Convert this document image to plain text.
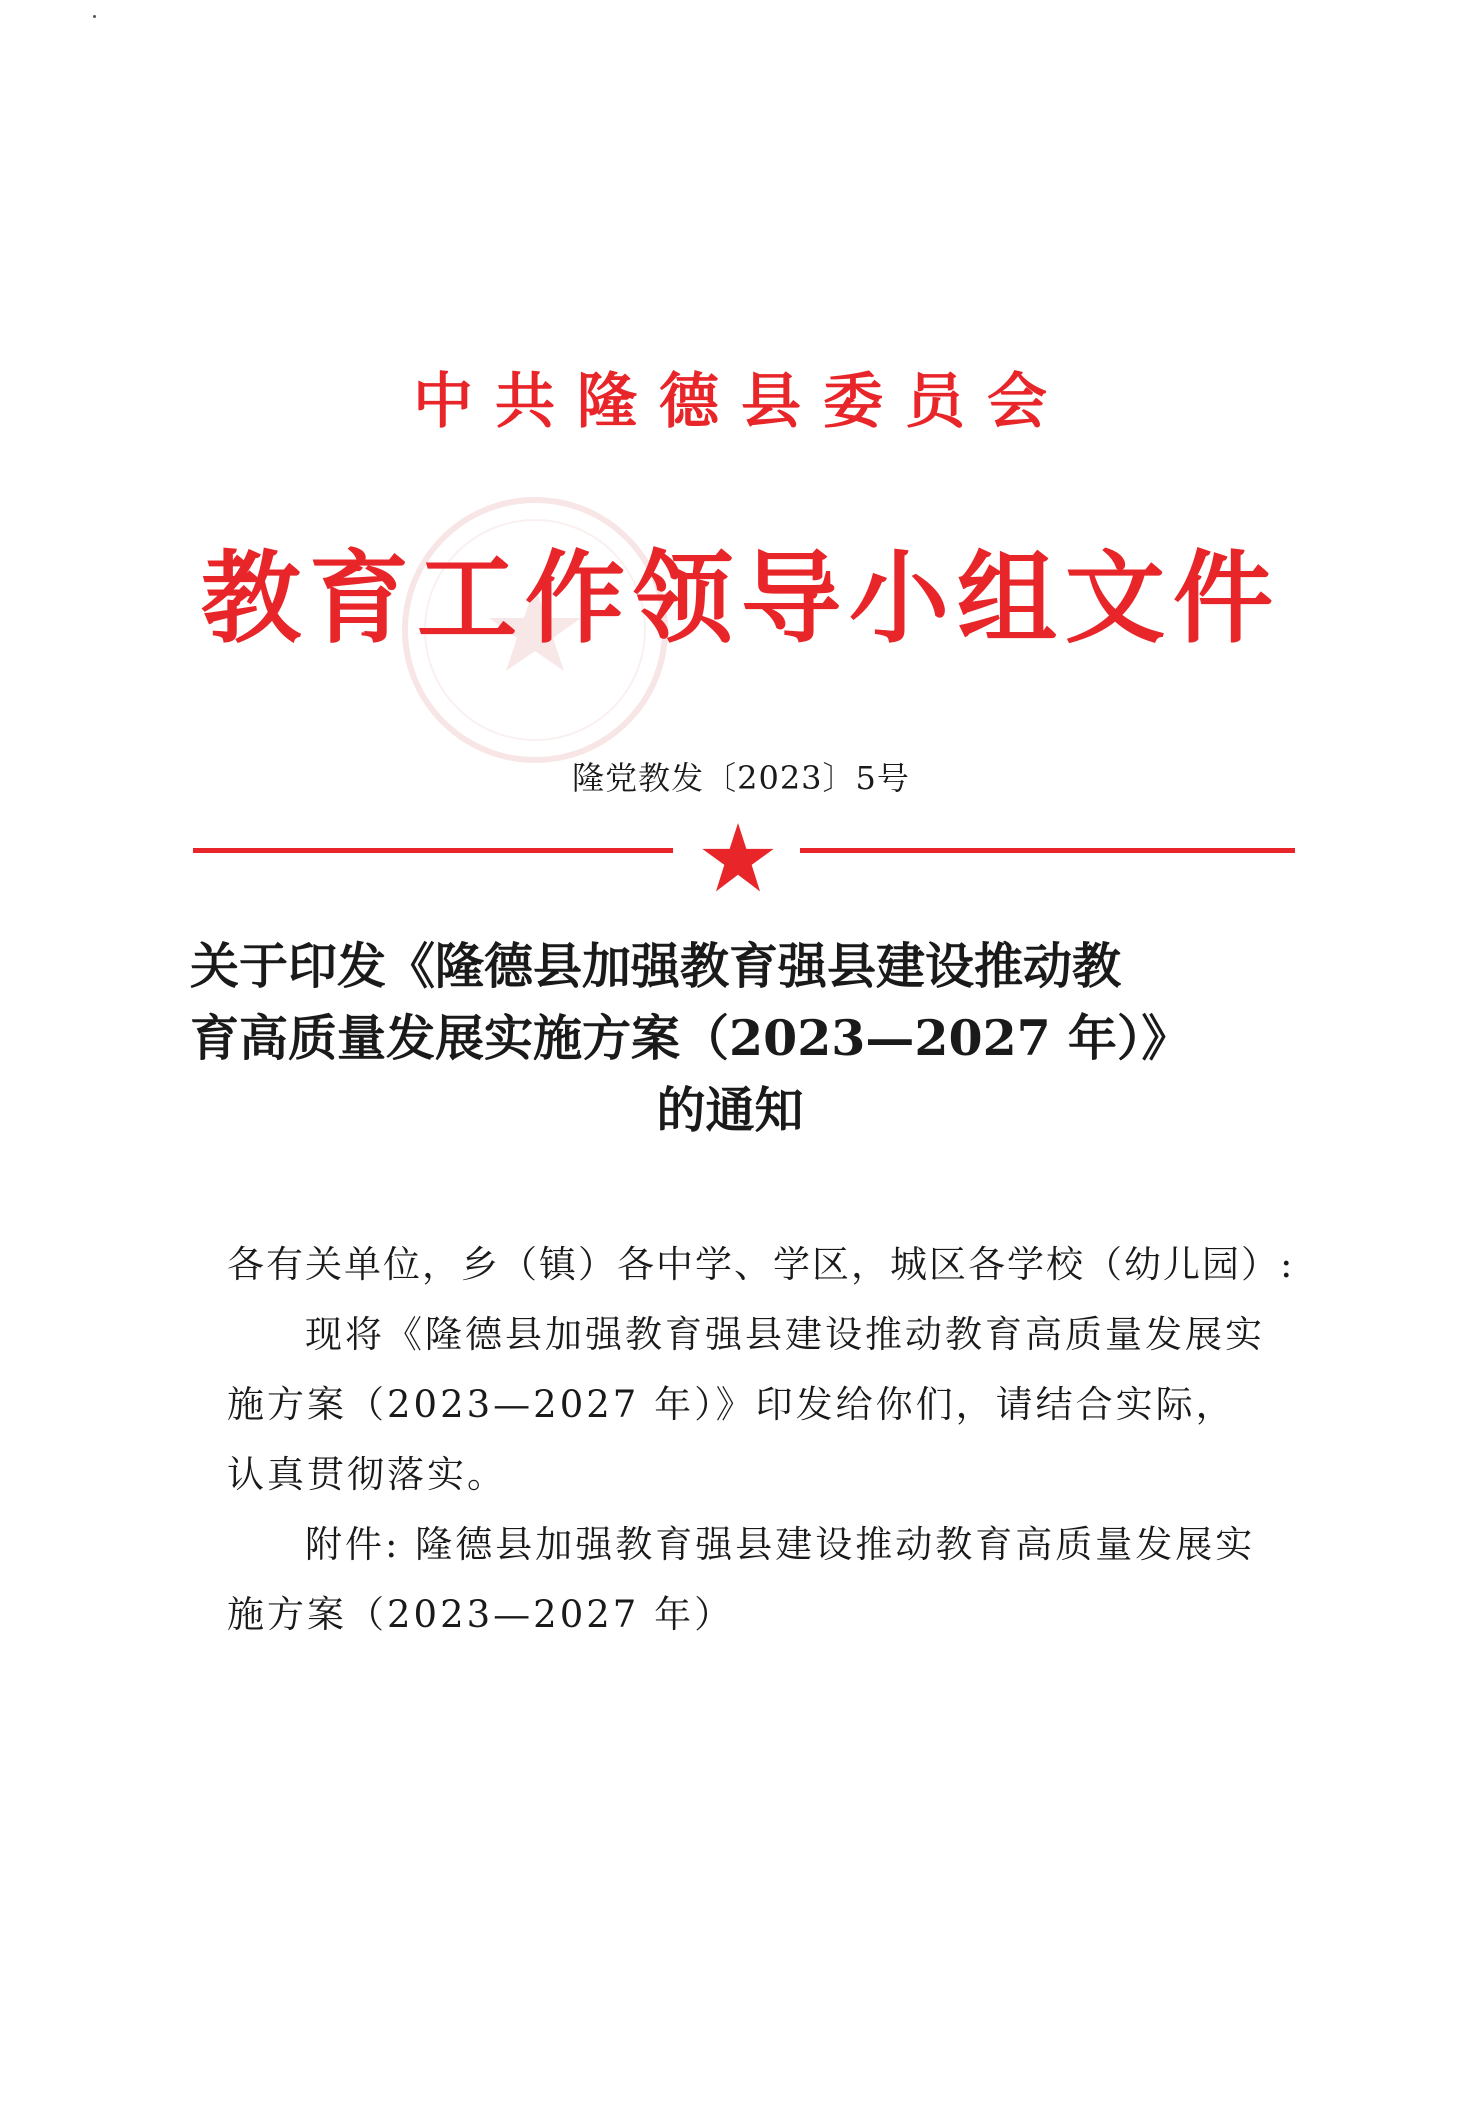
中共隆德县委员会
教育工作领导小组文件
隆党教发〔2023〕5号
关于印发《隆德县加强教育强县建设推动教
育高质量发展实施方案（2023—2027 年）》
的通知

各有关单位，乡（镇）各中学、学区，城区各学校（幼儿园）:

现将《隆德县加强教育强县建设推动教育高质量发展实施方案（2023—2027 年）》印发给你们，请结合实际，认真贯彻落实。

附件: 隆德县加强教育强县建设推动教育高质量发展实施方案（2023—2027 年）
